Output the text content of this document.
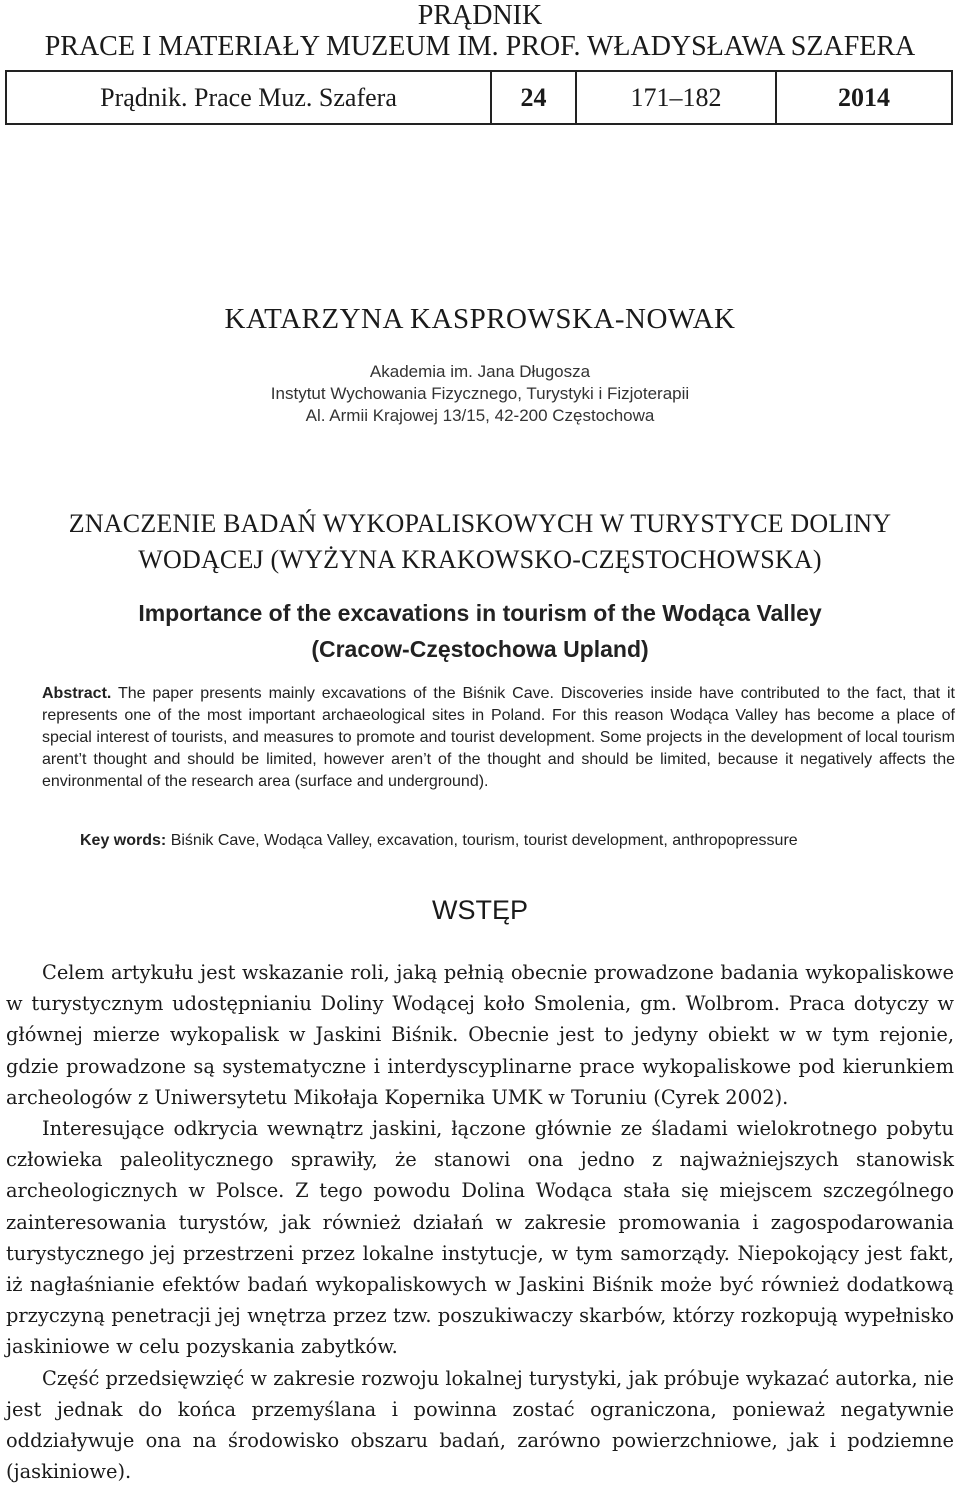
PRĄDNIK
PRACE I MATERIAŁY MUZEUM IM. PROF. WŁADYSŁAWA SZAFERA
Prądnik. Prace Muz. Szafera	24	171–182	2014
KATARZYNA KASPROWSKA-NOWAK
Akademia im. Jana Długosza
Instytut Wychowania Fizycznego, Turystyki i Fizjoterapii
Al. Armii Krajowej 13/15, 42-200 Częstochowa
ZNACZENIE BADAŃ WYKOPALISKOWYCH W TURYSTYCE DOLINY
WODĄCEJ (WYŻYNA KRAKOWSKO-CZĘSTOCHOWSKA)
Importance of the excavations in tourism of the Wodąca Valley
(Cracow-Częstochowa Upland)
Abstract. The paper presents mainly excavations of the Biśnik Cave. Discoveries inside have contributed to the fact, that it represents one of the most important archaeological sites in Poland. For this reason Wodąca Valley has become a place of special interest of tourists, and measures to promote and tourist development. Some projects in the development of local tourism arent’t thought and should be limited, however aren’t of the thought and should be limited, because it negatively affects the environmental of the research area (surface and underground).
Key words: Biśnik Cave, Wodąca Valley, excavation, tourism, tourist development, anthropopressure
WSTĘP

Celem artykułu jest wskazanie roli, jaką pełnią obecnie prowadzone badania wykopaliskowe w turystycznym udostępnianiu Doliny Wodącej koło Smolenia, gm. Wolbrom. Praca dotyczy w głównej mierze wykopalisk w Jaskini Biśnik. Obecnie jest to jedyny obiekt w w tym rejonie, gdzie prowadzone są systematyczne i interdyscyplinarne prace wykopaliskowe pod kierunkiem archeologów z Uniwersytetu Mikołaja Kopernika UMK w Toruniu (Cyrek 2002).

Interesujące odkrycia wewnątrz jaskini, łączone głównie ze śladami wielokrotnego pobytu człowieka paleolitycznego sprawiły, że stanowi ona jedno z najważniejszych stanowisk archeologicznych w Polsce. Z tego powodu Dolina Wodąca stała się miejscem szczególnego zainteresowania turystów, jak również działań w zakresie promowania i zagospodarowania turystycznego jej przestrzeni przez lokalne instytucje, w tym samorządy. Niepokojący jest fakt, iż nagłaśnianie efektów badań wykopaliskowych w Jaskini Biśnik może być również dodatkową przyczyną penetracji jej wnętrza przez tzw. poszukiwaczy skarbów, którzy rozkopują wypełnisko jaskiniowe w celu pozyskania zabytków.

Część przedsięwzięć w zakresie rozwoju lokalnej turystyki, jak próbuje wykazać autorka, nie jest jednak do końca przemyślana i powinna zostać ograniczona, ponieważ negatywnie oddziaływuje ona na środowisko obszaru badań, zarówno powierzchniowe, jak i podziemne (jaskiniowe).
